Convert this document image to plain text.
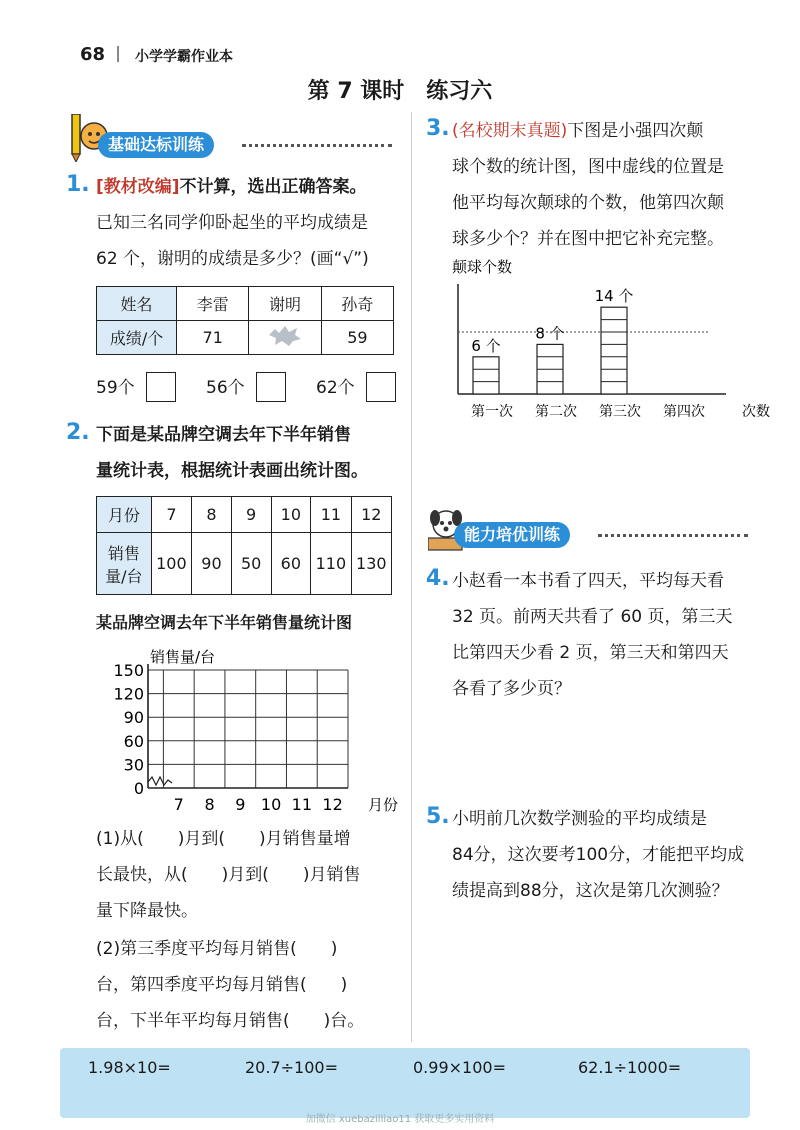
68 小学学霸作业本
第 7 课时　练习六
基础达标训练
1. [教材改编]不计算，选出正确答案。
已知三名同学仰卧起坐的平均成绩是
62 个，谢明的成绩是多少？(画“√”)
姓名	李雷	谢明	孙奇
成绩/个	71		59
59个	56个	62个
2. 下面是某品牌空调去年下半年销售
量统计表，根据统计表画出统计图。
月份	7	8	9	10	11	12

销售
量/台	100	90	50	60	110	130
某品牌空调去年下半年销售量统计图
销售量/台
0
30
60
90
120
150
7 8 9 10 11 12 月份
(1)从(　　)月到(　　)月销售量增
长最快，从(　　)月到(　　)月销售
量下降最快。
(2)第三季度平均每月销售(　　)
台，第四季度平均每月销售(　　)
台，下半年平均每月销售(　　)台。
3. (名校期末真题)下图是小强四次颠
球个数的统计图，图中虚线的位置是
他平均每次颠球的个数，他第四次颠
球多少个？并在图中把它补充完整。
颠球个数
6 个
第一次
8 个
第二次
14 个
第三次 第四次	次数
能力培优训练
4. 小赵看一本书看了四天，平均每天看
32 页。前两天共看了 60 页，第三天
比第四天少看 2 页，第三天和第四天
各看了多少页？
5. 小明前几次数学测验的平均成绩是
84分，这次要考100分，才能把平均成
绩提高到88分，这次是第几次测验？
1.98×10=	20.7÷100=	0.99×100=	62.1÷1000=
加微信 xuebazilliao11 获取更多实用资料
